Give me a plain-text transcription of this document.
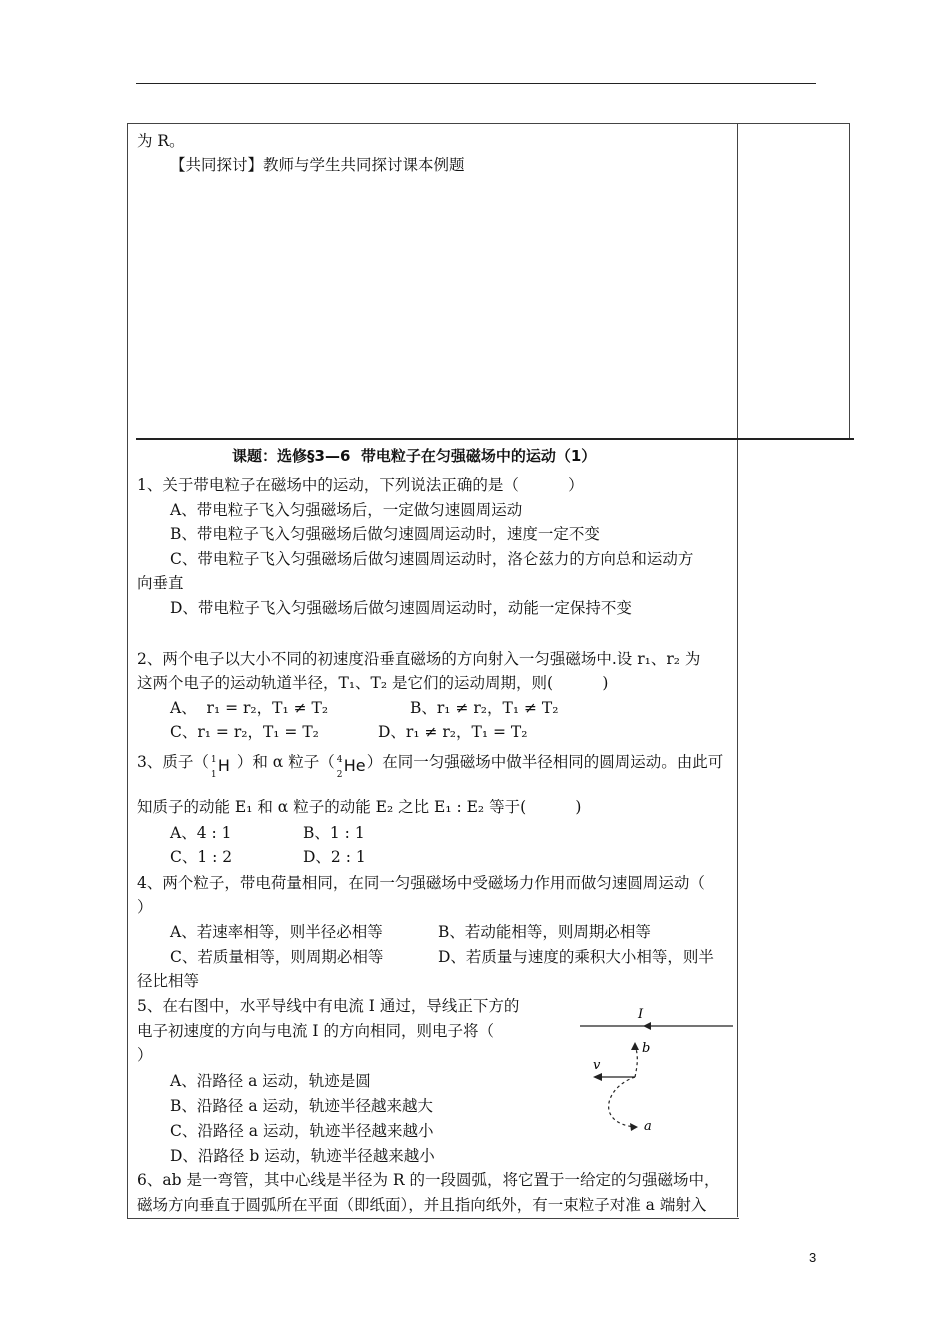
为 R。
【共同探讨】教师与学生共同探讨课本例题
课题：选修§3—6  带电粒子在匀强磁场中的运动（1）
1、关于带电粒子在磁场中的运动，下列说法正确的是（          ）
A、带电粒子飞入匀强磁场后，一定做匀速圆周运动
B、带电粒子飞入匀强磁场后做匀速圆周运动时，速度一定不变
C、带电粒子飞入匀强磁场后做匀速圆周运动时，洛仑兹力的方向总和运动方
向垂直
D、带电粒子飞入匀强磁场后做匀速圆周运动时，动能一定保持不变
2、两个电子以大小不同的初速度沿垂直磁场的方向射入一匀强磁场中.设 r₁、r₂ 为
这两个电子的运动轨道半径，T₁、T₂ 是它们的运动周期，则(          )
A、  r₁ = r₂，T₁ ≠ T₂	B、r₁ ≠ r₂，T₁ ≠ T₂
C、r₁ = r₂，T₁ = T₂	D、r₁ ≠ r₂，T₁ = T₂
3、质子（ 1
1 H ）和 α 粒子（ 4
2 He ）在同一匀强磁场中做半径相同的圆周运动。由此可
知质子的动能 E₁ 和 α 粒子的动能 E₂ 之比 E₁ : E₂ 等于(          )
A、4 : 1	B、1 : 1
C、1 : 2	D、2 : 1
4、两个粒子，带电荷量相同，在同一匀强磁场中受磁场力作用而做匀速圆周运动（
）
A、若速率相等，则半径必相等	B、若动能相等，则周期必相等
C、若质量相等，则周期必相等	D、若质量与速度的乘积大小相等，则半
径比相等
5、在右图中，水平导线中有电流 I 通过，导线正下方的
电子初速度的方向与电流 I 的方向相同，则电子将（
）
A、沿路径 a 运动，轨迹是圆
B、沿路径 a 运动，轨迹半径越来越大
C、沿路径 a 运动，轨迹半径越来越小
D、沿路径 b 运动，轨迹半径越来越小
I
b
v
a
6、ab 是一弯管，其中心线是半径为 R 的一段圆弧，将它置于一给定的匀强磁场中，
磁场方向垂直于圆弧所在平面（即纸面），并且指向纸外，有一束粒子对准 a 端射入
3
